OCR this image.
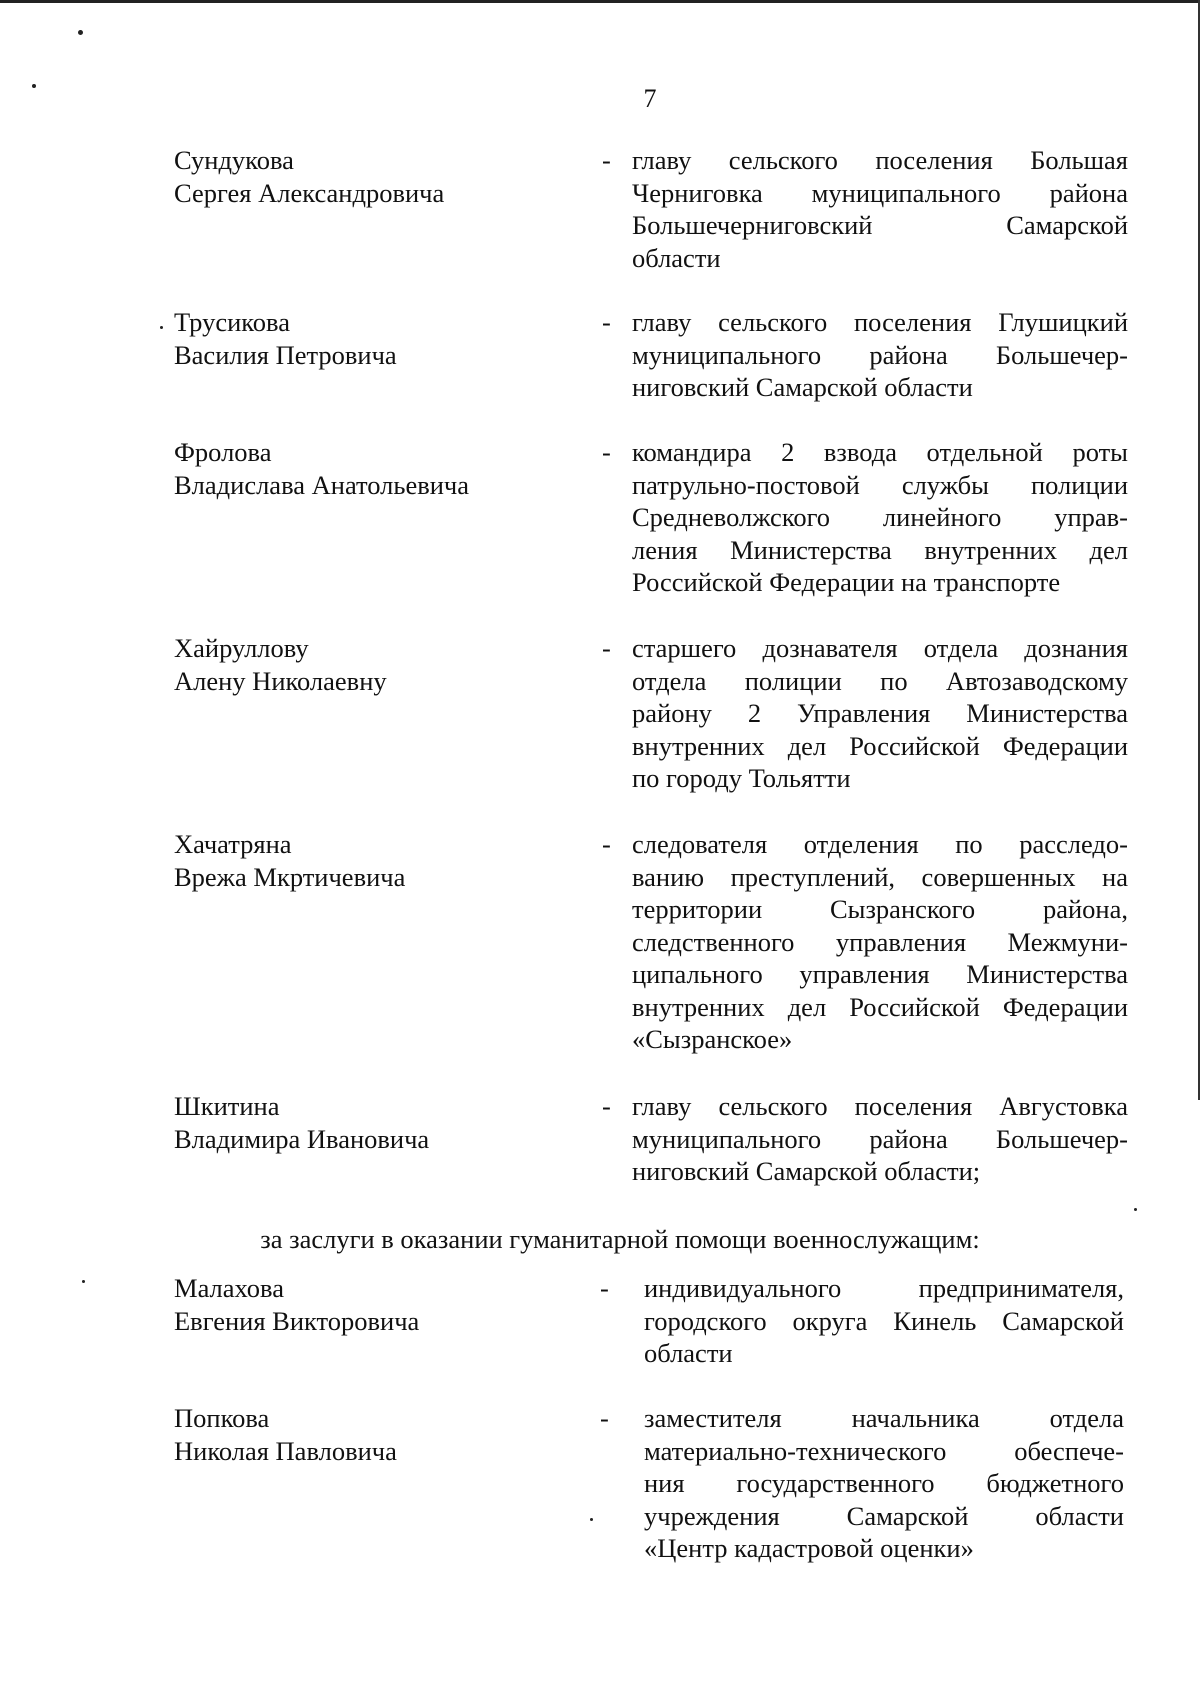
7
Сундукова
Сергея Александровича
- главу сельского поселения Большая
Черниговка муниципального района
Большечерниговский Самарской
области
Трусикова
Василия Петровича
- главу сельского поселения Глушицкий
муниципального района Большечер-
ниговский Самарской области
Фролова
Владислава Анатольевича
- командира 2 взвода отдельной роты
патрульно-постовой службы полиции
Средневолжского линейного управ-
ления Министерства внутренних дел
Российской Федерации на транспорте
Хайруллову
Алену Николаевну
- старшего дознавателя отдела дознания
отдела полиции по Автозаводскому
району 2 Управления Министерства
внутренних дел Российской Федерации
по городу Тольятти
Хачатряна
Врежа Мкртичевича
- следователя отделения по расследо-
ванию преступлений, совершенных на
территории Сызранского района,
следственного управления Межмуни-
ципального управления Министерства
внутренних дел Российской Федерации
«Сызранское»
Шкитина
Владимира Ивановича
- главу сельского поселения Августовка
муниципального района Большечер-
ниговский Самарской области;
за заслуги в оказании гуманитарной помощи военнослужащим:
Малахова
Евгения Викторовича
- индивидуального предпринимателя,
городского округа Кинель Самарской
области
Попкова
Николая Павловича
- заместителя начальника отдела
материально-технического обеспече-
ния государственного бюджетного
учреждения Самарской области
«Центр кадастровой оценки»
